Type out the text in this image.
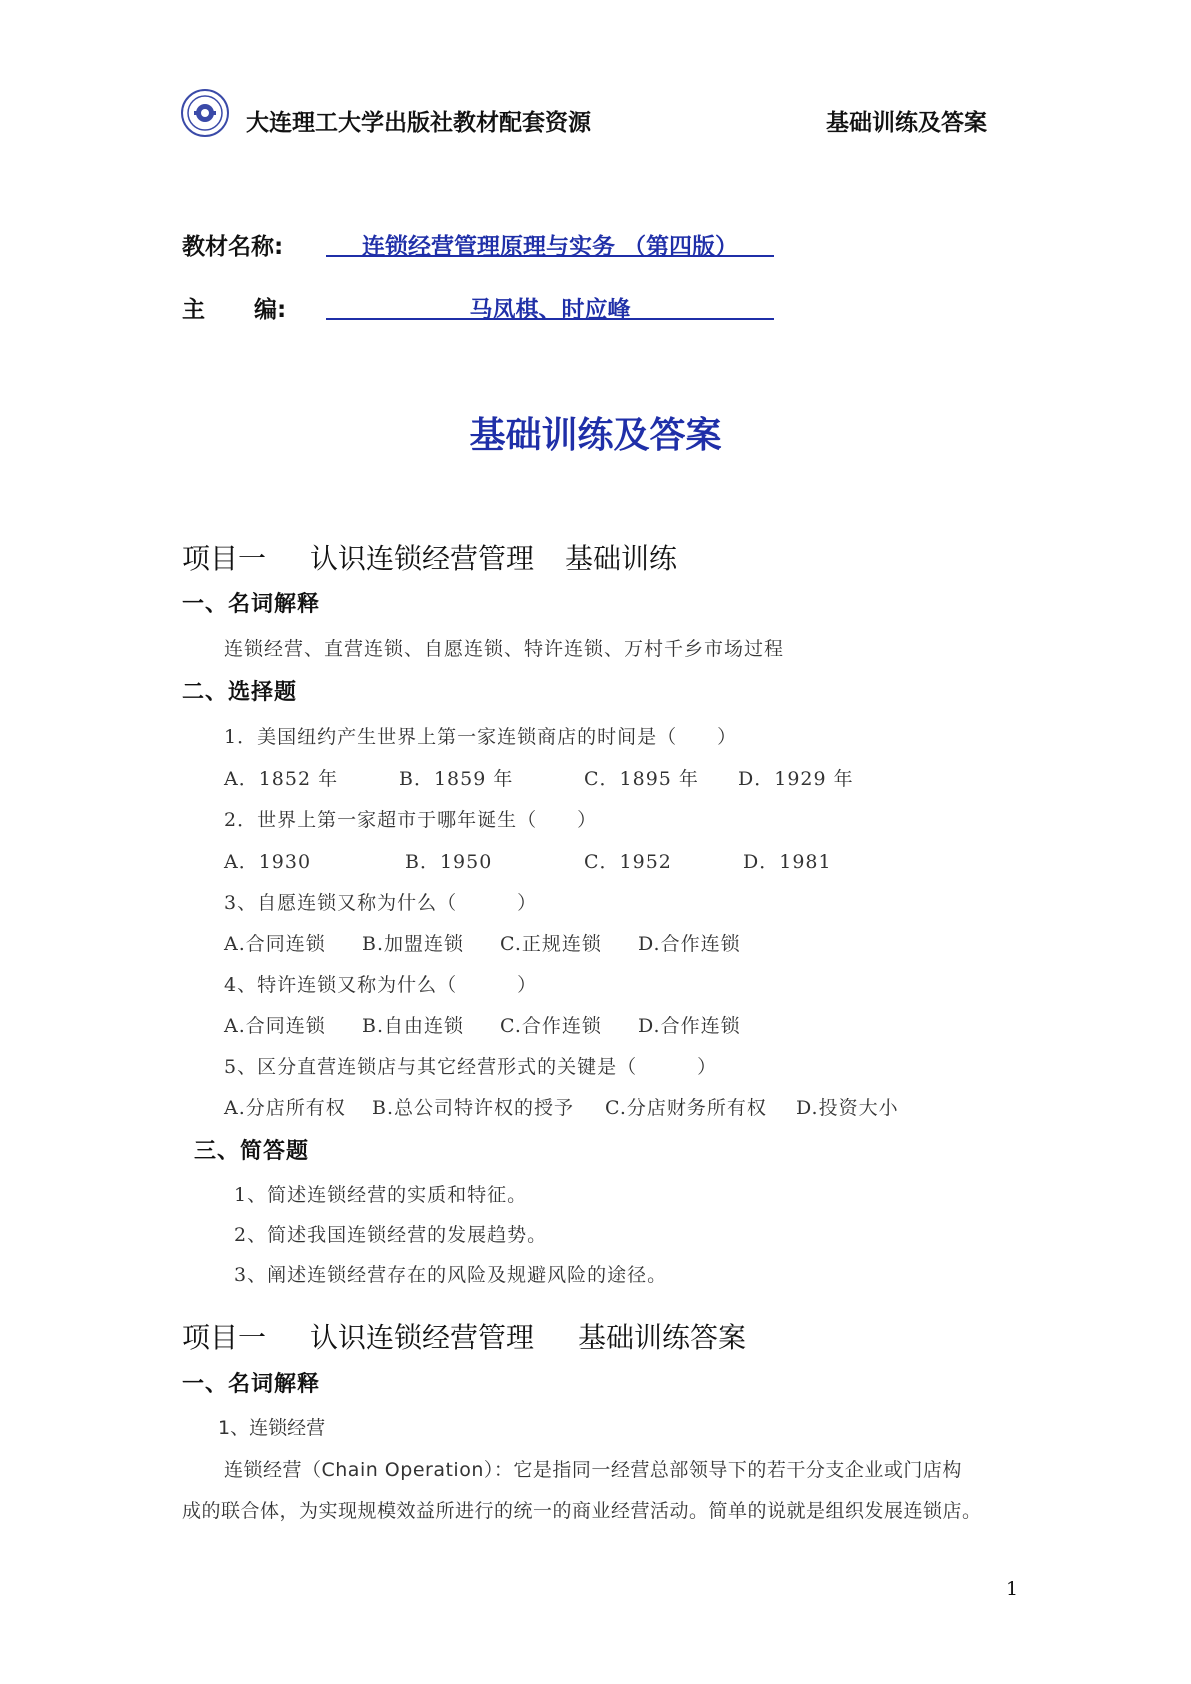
大连理工大学出版社教材配套资源	基础训练及答案
教材名称:	连锁经营管理原理与实务 （第四版）
主 编:	马凤棋、时应峰
基础训练及答案
项目一 认识连锁经营管理 基础训练
一、名词解释
连锁经营、直营连锁、自愿连锁、特许连锁、万村千乡市场过程
二、选择题
1．美国纽约产生世界上第一家连锁商店的时间是（　　）
A．1852 年	B．1859 年	C．1895 年 D．1929 年
2．世界上第一家超市于哪年诞生（　　）
A．1930	B．1950	C．1952	D．1981
3、自愿连锁又称为什么（　　　）
A.合同连锁 B.加盟连锁 C.正规连锁 D.合作连锁
4、特许连锁又称为什么（　　　）
A.合同连锁 B.自由连锁 C.合作连锁 D.合作连锁
5、区分直营连锁店与其它经营形式的关键是（　　　）
A.分店所有权 B.总公司特许权的授予 C.分店财务所有权 D.投资大小
三、简答题
1、简述连锁经营的实质和特征。
2、简述我国连锁经营的发展趋势。
3、阐述连锁经营存在的风险及规避风险的途径。
项目一 认识连锁经营管理 基础训练答案
一、名词解释
1、连锁经营
连锁经营（Chain Operation）：它是指同一经营总部领导下的若干分支企业或门店构
成的联合体，为实现规模效益所进行的统一的商业经营活动。简单的说就是组织发展连锁店。
1
